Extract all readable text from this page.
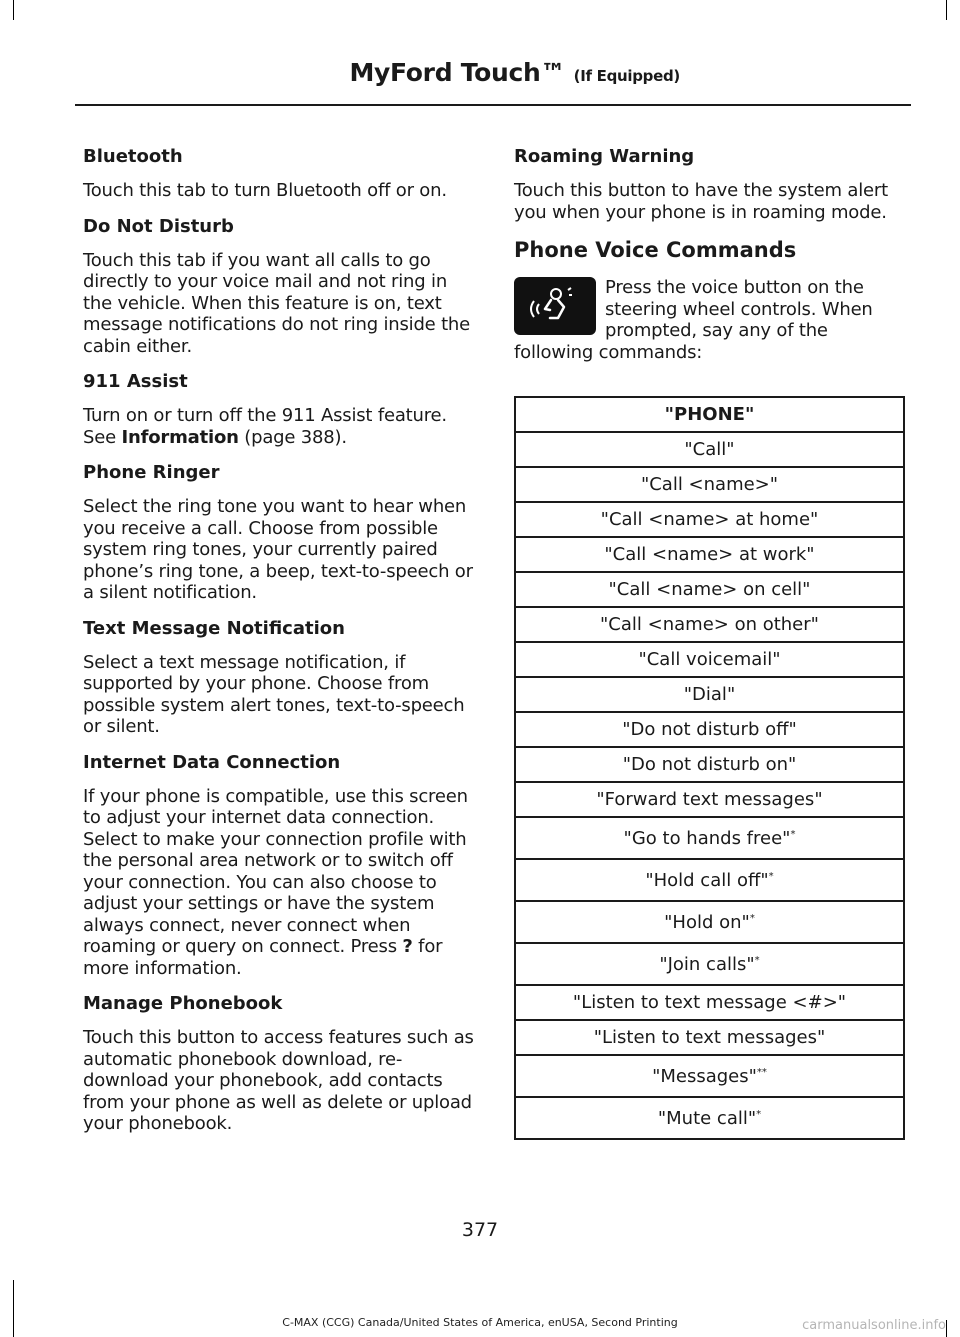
MyFord Touch™ (If Equipped)
Bluetooth
Touch this tab to turn Bluetooth off or on.
Do Not Disturb
Touch this tab if you want all calls to go directly to your voice mail and not ring in the vehicle. When this feature is on, text message notifications do not ring inside the cabin either.
911 Assist
Turn on or turn off the 911 Assist feature. See Information (page 388).
Phone Ringer
Select the ring tone you want to hear when you receive a call. Choose from possible system ring tones, your currently paired phone’s ring tone, a beep, text-to-speech or a silent notification.
Text Message Notification
Select a text message notification, if supported by your phone. Choose from possible system alert tones, text-to-speech or silent.
Internet Data Connection
If your phone is compatible, use this screen to adjust your internet data connection. Select to make your connection profile with the personal area network or to switch off your connection. You can also choose to adjust your settings or have the system always connect, never connect when roaming or query on connect. Press ? for more information.
Manage Phonebook
Touch this button to access features such as automatic phonebook download, re-download your phonebook, add contacts from your phone as well as delete or upload your phonebook.
Roaming Warning
Touch this button to have the system alert you when your phone is in roaming mode.
Phone Voice Commands
Press the voice button on the
steering wheel controls. When
prompted, say any of the
following commands:
"PHONE"
"Call"
"Call <name>"
"Call <name> at home"
"Call <name> at work"
"Call <name> on cell"
"Call <name> on other"
"Call voicemail"
"Dial"
"Do not disturb off"
"Do not disturb on"
"Forward text messages"
"Go to hands free"*
"Hold call off"*
"Hold on"*
"Join calls"*
"Listen to text message <#>"
"Listen to text messages"
"Messages"**
"Mute call"*
377
C-MAX (CCG) Canada/United States of America, enUSA, Second Printing	carmanualsonline.info
